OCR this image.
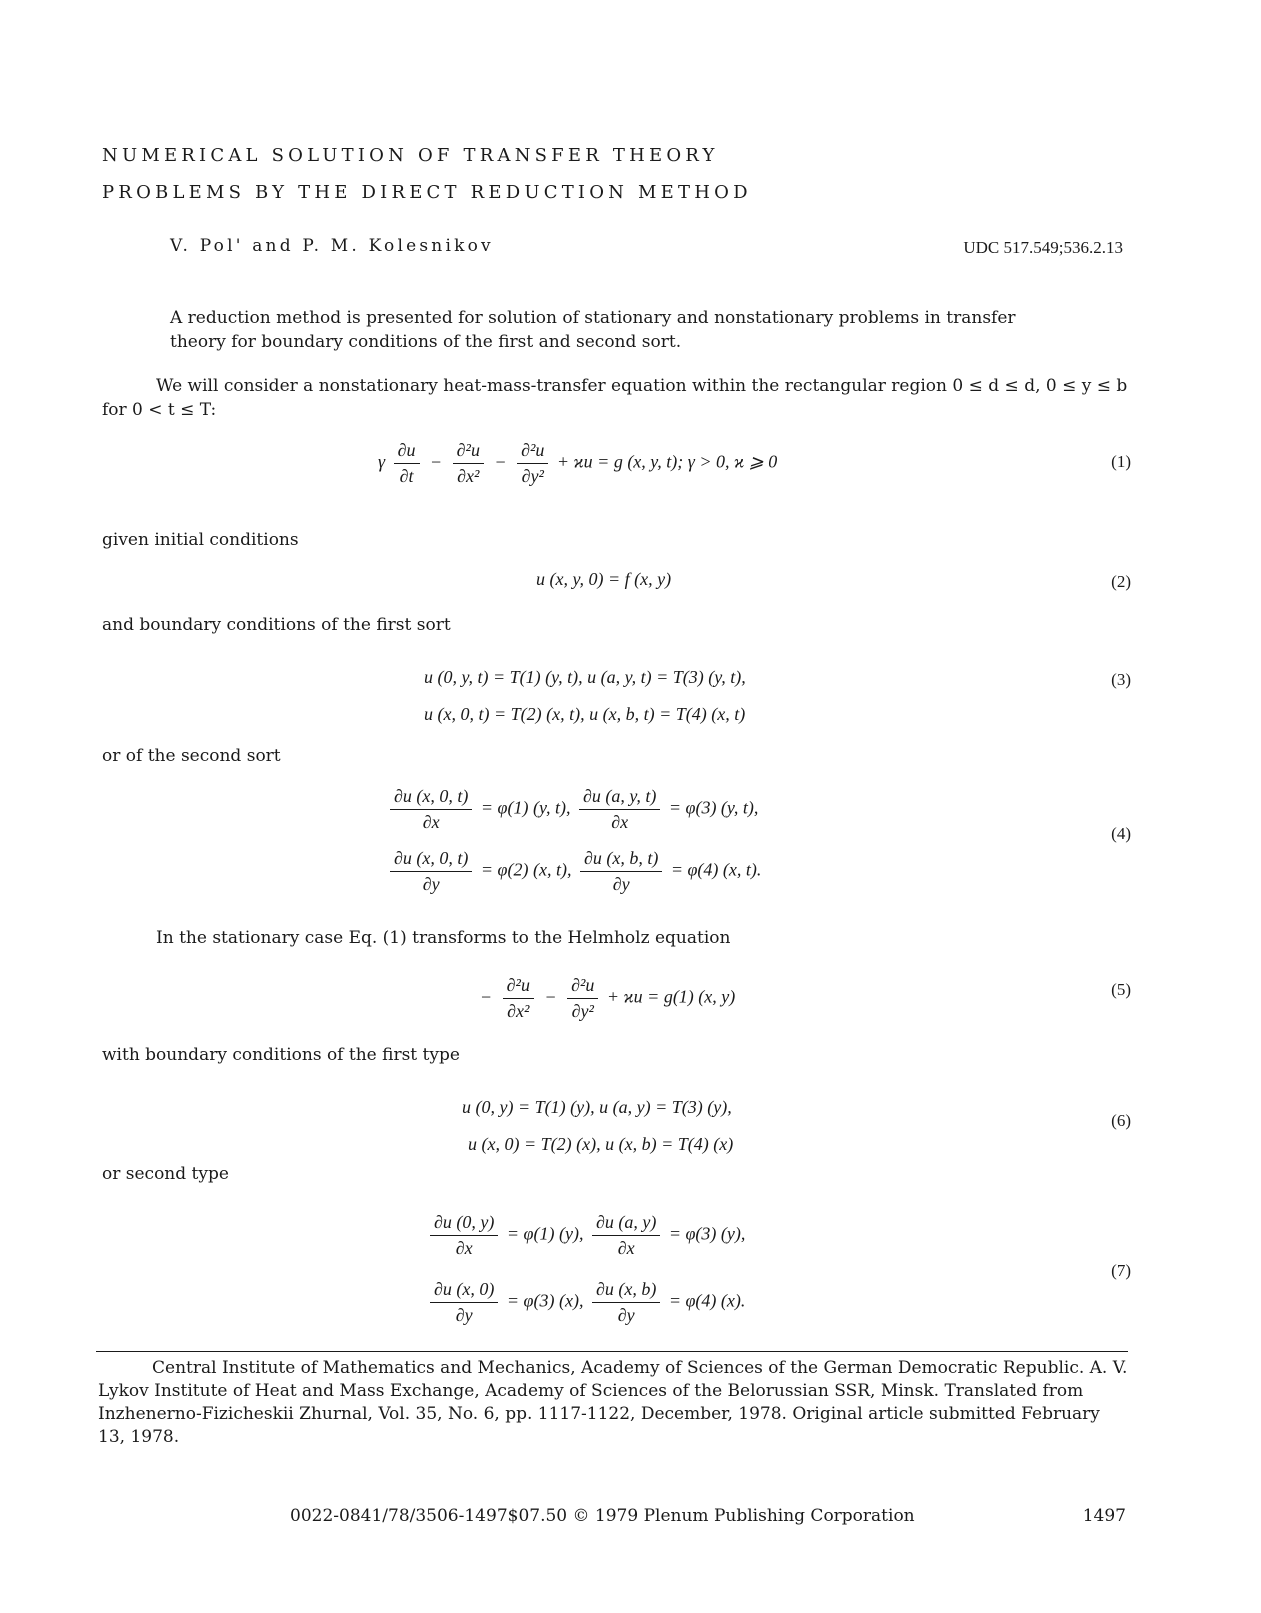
NUMERICAL SOLUTION OF TRANSFER THEORY
PROBLEMS BY THE DIRECT REDUCTION METHOD
V. Pol' and P. M. Kolesnikov	UDC 517.549;536.2.13
A reduction method is presented for solution of stationary and nonstationary problems in transfer theory for boundary conditions of the first and second sort.
We will consider a nonstationary heat-mass-transfer equation within the rectangular region 0 ≤ d ≤ d, 0 ≤ y ≤ b for 0 < t ≤ T:
γ $\frac{\partial u}{\partial t} - \frac{\text{∂²u}}{\text{∂x²}} - \frac{\text{∂²u}}{\text{∂y²}} + ϰu = g$ (x, y, t); γ > 0, ϰ ⩾ 0	(1)
given initial conditions
u (x, y, 0) = f (x, y)	(2)
and boundary conditions of the first sort
u (0, y, t) = T(1) (y, t), u (a, y, t) = T(3) (y, t),
u (x, 0, t) = T(2) (x, t), u (x, b, t) = T(4) (x, t)
(3)
or of the second sort
$\frac{\partial u (x, 0, t)}{\partial x} = \varphi(1)$ (y, t), $\frac{\partial u (a, y, t)}{\partial x} = \varphi(3)$ (y, t),
$\frac{\partial u (x, 0, t)}{\partial y} = \varphi(2)$ (x, t), $\frac{\partial u (x, b, t)}{\partial y} = \varphi(4)$ (x, t).
(4)
In the stationary case Eq. (1) transforms to the Helmholz equation
− $\frac{\text{∂²u}}{\text{∂x²}} - \frac{\text{∂²u}}{\text{∂y²}} + ϰu = g(1)$ (x, y)	(5)
with boundary conditions of the first type
u (0, y) = T(1) (y), u (a, y) = T(3) (y),
u (x, 0) = T(2) (x), u (x, b) = T(4) (x)
(6)
or second type
$\frac{\partial u (0, y)}{\partial x} = \varphi(1)$ (y), $\frac{\partial u (a, y)}{\partial x} = \varphi(3)$ (y),
$\frac{\partial u (x, 0)}{\partial y} = \varphi(3)$ (x), $\frac{\partial u (x, b)}{\partial y} = \varphi(4)$ (x).
(7)
Central Institute of Mathematics and Mechanics, Academy of Sciences of the German Democratic Republic. A. V. Lykov Institute of Heat and Mass Exchange, Academy of Sciences of the Belorussian SSR, Minsk. Translated from Inzhenerno-Fizicheskii Zhurnal, Vol. 35, No. 6, pp. 1117-1122, December, 1978. Original article submitted February 13, 1978.
0022-0841/78/3506-1497$07.50 © 1979 Plenum Publishing Corporation	1497
